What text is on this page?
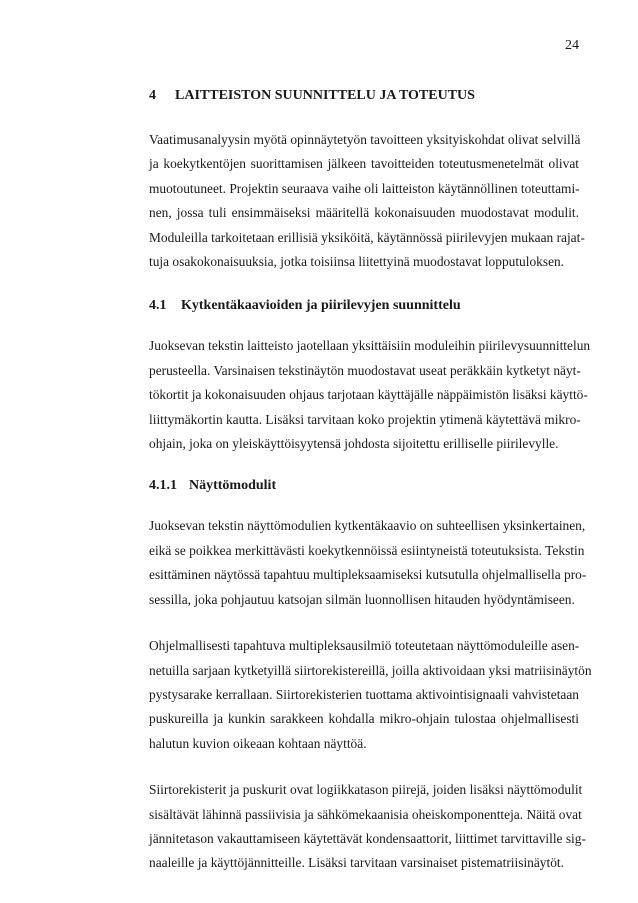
24
4 LAITTEISTON SUUNNITTELU JA TOTEUTUS

Vaatimusanalyysin myötä opinnäytetyön tavoitteen yksityiskohdat olivat selvillä
ja koekytkentöjen suorittamisen jälkeen tavoitteiden toteutusmenetelmät olivat
muotoutuneet. Projektin seuraava vaihe oli laitteiston käytännöllinen toteuttami-
nen, jossa tuli ensimmäiseksi määritellä kokonaisuuden muodostavat modulit.
Moduleilla tarkoitetaan erillisiä yksiköitä, käytännössä piirilevyjen mukaan rajat-
tuja osakokonaisuuksia, jotka toisiinsa liitettyinä muodostavat lopputuloksen.

4.1 Kytkentäkaavioiden ja piirilevyjen suunnittelu

Juoksevan tekstin laitteisto jaotellaan yksittäisiin moduleihin piirilevysuunnittelun
perusteella. Varsinaisen tekstinäytön muodostavat useat peräkkäin kytketyt näyt-
tökortit ja kokonaisuuden ohjaus tarjotaan käyttäjälle näppäimistön lisäksi käyttö-
liittymäkortin kautta. Lisäksi tarvitaan koko projektin ytimenä käytettävä mikro-
ohjain, joka on yleiskäyttöisyytensä johdosta sijoitettu erilliselle piirilevylle.

4.1.1 Näyttömodulit

Juoksevan tekstin näyttömodulien kytkentäkaavio on suhteellisen yksinkertainen,
eikä se poikkea merkittävästi koekytkennöissä esiintyneistä toteutuksista. Tekstin
esittäminen näytössä tapahtuu multipleksaamiseksi kutsutulla ohjelmallisella pro-
sessilla, joka pohjautuu katsojan silmän luonnollisen hitauden hyödyntämiseen.

Ohjelmallisesti tapahtuva multipleksausilmiö toteutetaan näyttömoduleille asen-
netuilla sarjaan kytketyillä siirtorekistereillä, joilla aktivoidaan yksi matriisinäytön
pystysarake kerrallaan. Siirtorekisterien tuottama aktivointisignaali vahvistetaan
puskureilla ja kunkin sarakkeen kohdalla mikro-ohjain tulostaa ohjelmallisesti
halutun kuvion oikeaan kohtaan näyttöä.

Siirtorekisterit ja puskurit ovat logiikkatason piirejä, joiden lisäksi näyttömodulit
sisältävät lähinnä passiivisia ja sähkömekaanisia oheiskomponentteja. Näitä ovat
jännitetason vakauttamiseen käytettävät kondensaattorit, liittimet tarvittaville sig-
naaleille ja käyttöjännitteille. Lisäksi tarvitaan varsinaiset pistematriisinäytöt.
